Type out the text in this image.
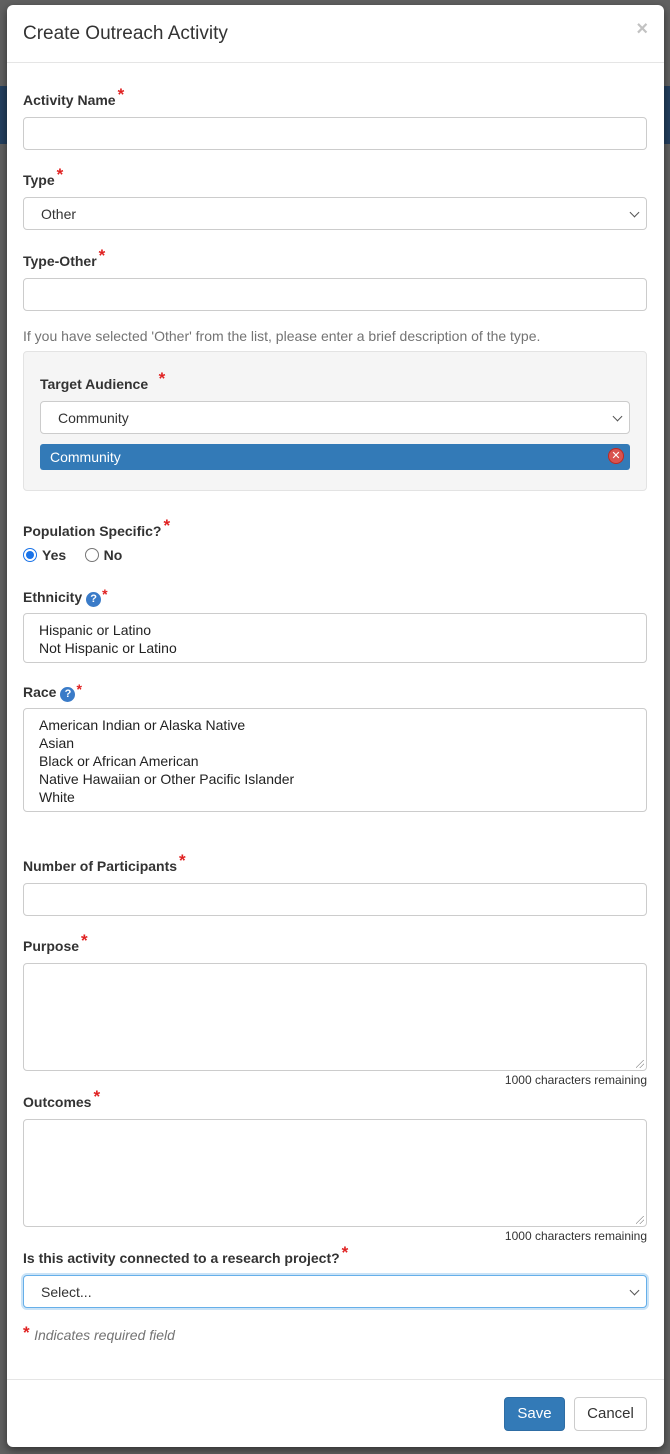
Create Outreach Activity	×
Activity Name *
Type *
Other
Type-Other *
If you have selected 'Other' from the list, please enter a brief description of the type.
Target Audience *
Community
Community	✕
Population Specific? *
Yes	No
Ethnicity ? *
Hispanic or Latino
Not Hispanic or Latino
Race ? *
American Indian or Alaska Native
Asian
Black or African American
Native Hawaiian or Other Pacific Islander
White
Number of Participants *
Purpose *
1000 characters remaining
Outcomes *
1000 characters remaining
Is this activity connected to a research project? *
Select...
* Indicates required field
Save	Cancel
